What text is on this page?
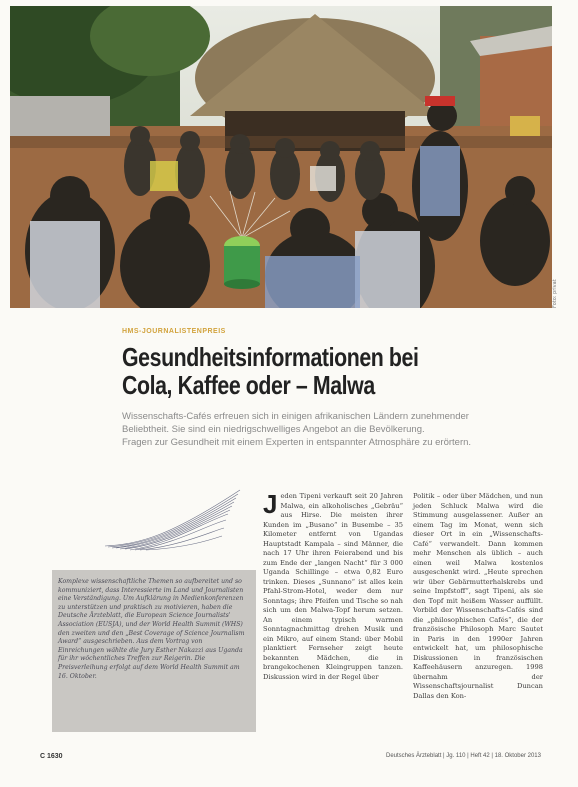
Foto: privat
HMS-JOURNALISTENPREIS
Gesundheitsinformationen bei
Cola, Kaffee oder – Malwa

Wissenschafts-Cafés erfreuen sich in einigen afrikanischen Ländern zunehmender

Beliebtheit. Sie sind ein niedrigschwelliges Angebot an die Bevölkerung.

Fragen zur Gesundheit mit einem Experten in entspannter Atmosphäre zu erörtern.

Komplexe wissenschaftliche Themen so aufbereitet und so kommuniziert, dass Interessierte im Land und Journalisten eine Verständigung. Um Aufklärung in Medienkonferenzen zu unterstützen und praktisch zu motivieren, haben die Deutsche Ärzteblatt, die European Science Journalists' Association (EUSJA), und der World Health Summit (WHS) den zweiten und den „Best Coverage of Science Journalism Award“ ausgeschrieben. Aus dem Vortrag von Einreichungen wählte die Jury Esther Nakazzi aus Uganda für ihr wöchentliches Treffen zur Reigerin. Die Preisverleihung erfolgt auf dem World Health Summit am 16. Oktober.

J eden Tipeni verkauft seit 20 Jahren Malwa, ein alkoholisches „Gebräu“ aus Hirse. Die meisten ihrer Kunden im „Busano“ in Busembe – 35 Kilometer entfernt von Ugandas Hauptstadt Kampala – sind Männer, die nach 17 Uhr ihren Feierabend und bis zum Ende der „langen Nacht“ für 3 000 Uganda Schillinge – etwa 0,82 Euro trinken. Dieses „Sunnano“ ist alles kein Pfahl-Strom-Hotel, weder dem nur Sonntags; ihre Pfeifen und Tische so nah sich um den Malwa-Topf herum setzen. An einem typisch warmen Sonntagnachmittag drehen Musik und ein Mikro, auf einem Stand: über Mobil planktiert Fernseher zeigt heute bekannten Mädchen, die in brangekochenen Kleingruppen tanzen. Diskussion wird in der Regel über

Politik – oder über Mädchen, und nun jeden Schluck Malwa wird die Stimmung ausgelassener. Außer an einem Tag im Monat, wenn sich dieser Ort in ein „Wissenschafts-Café“ verwandelt. Dann kommen mehr Menschen als üblich – auch einen weil Malwa kostenlos ausgeschenkt wird. „Heute sprechen wir über Gebärmutterhalskrebs und seine Impfstoff“, sagt Tipeni, als sie den Topf mit heißem Wasser auffüllt. Vorbild der Wissenschafts-Cafés sind die „philosophischen Cafés“, die der französische Philosoph Marc Sautet in Paris in den 1990er Jahren entwickelt hat, um philosophische Diskussionen in französischen Kaffeehäusern anzuregen. 1998 übernahm der Wissenschaftsjournalist Duncan Dallas den Kon-

C 1630	Deutsches Ärzteblatt | Jg. 110 | Heft 42 | 18. Oktober 2013
